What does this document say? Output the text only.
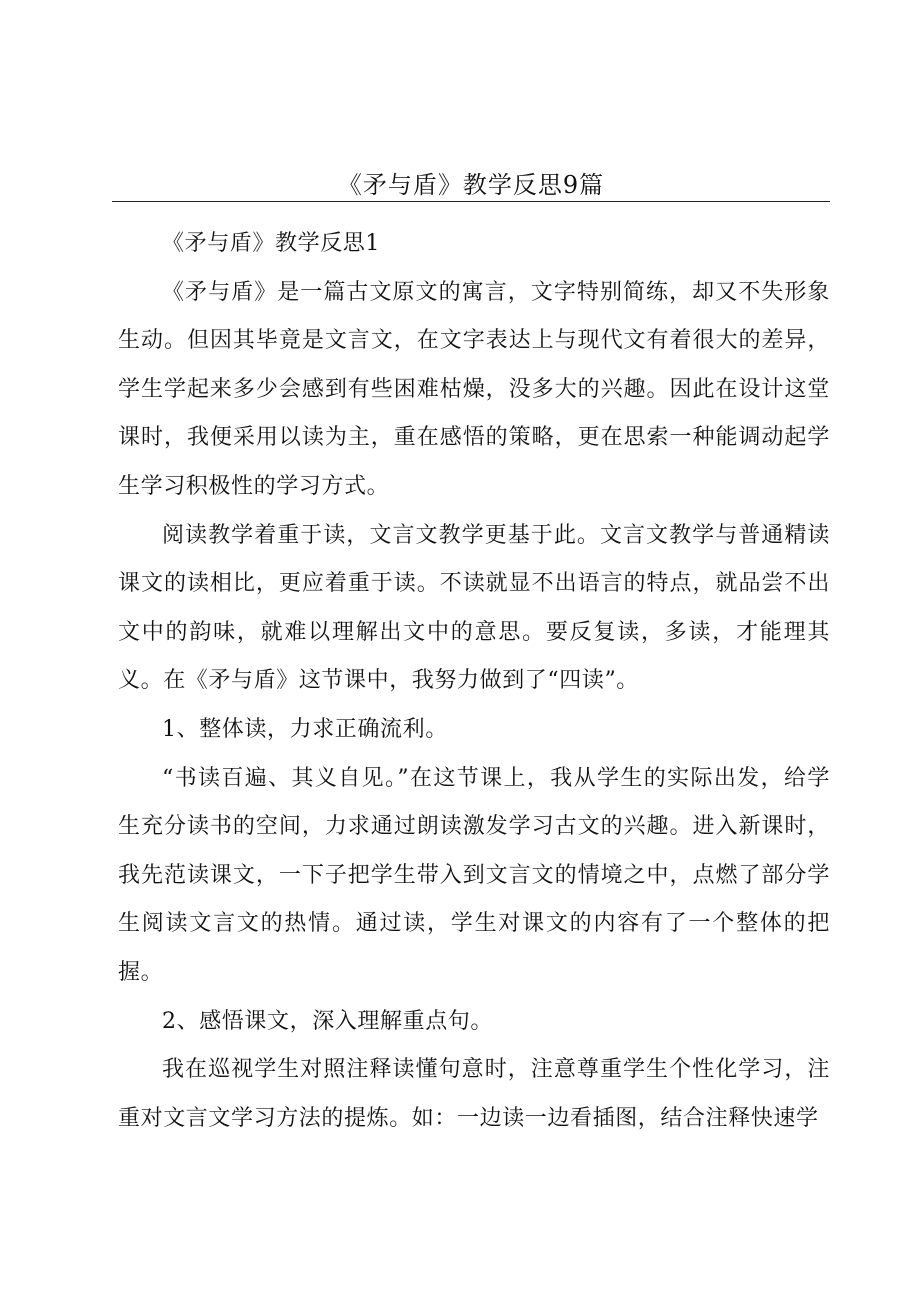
《矛与盾》教学反思9篇

《矛与盾》教学反思1

《矛与盾》是一篇古文原文的寓言，文字特别简练，却又不失形象生动。但因其毕竟是文言文，在文字表达上与现代文有着很大的差异，学生学起来多少会感到有些困难枯燥，没多大的兴趣。因此在设计这堂课时，我便采用以读为主，重在感悟的策略，更在思索一种能调动起学生学习积极性的学习方式。

阅读教学着重于读，文言文教学更基于此。文言文教学与普通精读课文的读相比，更应着重于读。不读就显不出语言的特点，就品尝不出文中的韵味，就难以理解出文中的意思。要反复读，多读，才能理其义。在《矛与盾》这节课中，我努力做到了“四读”。

1、整体读，力求正确流利。

“书读百遍、其义自见。”在这节课上，我从学生的实际出发，给学生充分读书的空间，力求通过朗读激发学习古文的兴趣。进入新课时，我先范读课文，一下子把学生带入到文言文的情境之中，点燃了部分学生阅读文言文的热情。通过读，学生对课文的内容有了一个整体的把握。

2、感悟课文，深入理解重点句。

我在巡视学生对照注释读懂句意时，注意尊重学生个性化学习，注重对文言文学习方法的提炼。如：一边读一边看插图，结合注释快速学
